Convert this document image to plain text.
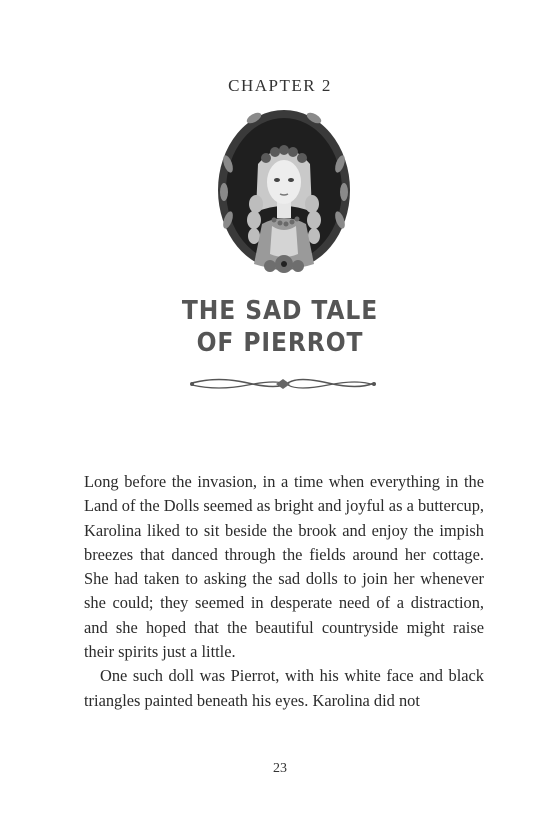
CHAPTER 2
THE SAD TALE
OF PIERROT

Long before the invasion, in a time when everything in the Land of the Dolls seemed as bright and joyful as a buttercup, Karolina liked to sit beside the brook and enjoy the impish breezes that danced through the fields around her cottage. She had taken to asking the sad dolls to join her whenever she could; they seemed in desperate need of a distraction, and she hoped that the beautiful countryside might raise their spirits just a little.

One such doll was Pierrot, with his white face and black triangles painted beneath his eyes. Karolina did not

23
